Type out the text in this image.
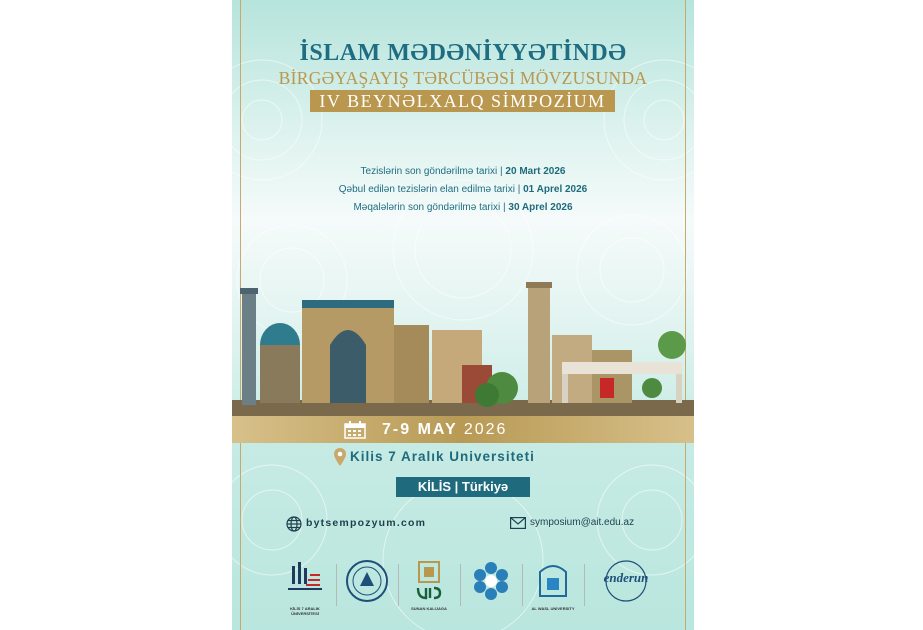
İSLAM MƏDƏNİYYƏTİNDƏ
BİRGƏYAŞAYIŞ TƏRCÜBƏSİ MÖVZUSUNDA
IV BEYNƏLXALQ SİMPOZİUM
Tezislərin son göndərilmə tarixi | 20 Mart 2026
Qəbul edilən tezislərin elan edilmə tarixi | 01 Aprel 2026
Məqalələrin son göndərilmə tarixi | 30 Aprel 2026
7-9 MAY 2026
Kilis 7 Aralık Universiteti
KİLİS | Türkiyə
bytsempozyum.com	symposium@ait.edu.az
KİLİS 7 ARALIK ÜNİVERSİTESİ
SUNAN KALIJAGA	AL WASL UNIVERSITY
enderun
